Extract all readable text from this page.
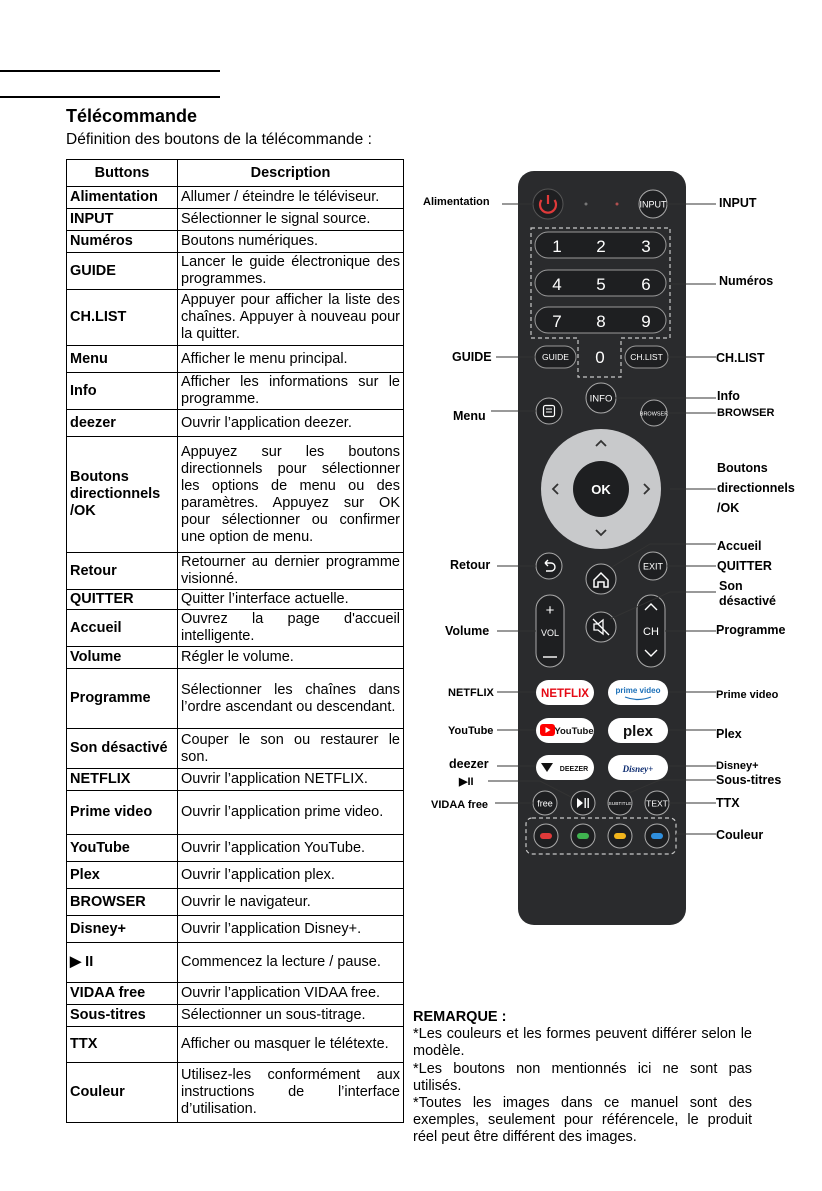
Télécommande
Définition des boutons de la télécommande :
Buttons	Description
Alimentation	Allumer / éteindre le téléviseur.
INPUT	Sélectionner le signal source.
Numéros	Boutons numériques.
GUIDE	Lancer le guide électronique des programmes.
CH.LIST	Appuyer pour afficher la liste des chaînes. Appuyer à nouveau pour la quitter.
Menu	Afficher le menu principal.
Info	Afficher les informations sur le programme.
deezer	Ouvrir l’application deezer.
Boutons directionnels /OK	Appuyez sur les boutons directionnels pour sélectionner les options de menu ou des paramètres. Appuyez sur OK pour sélectionner ou confirmer une option de menu.
Retour	Retourner au dernier programme visionné.
QUITTER	Quitter l’interface actuelle.
Accueil	Ouvrez la page d'accueil intelligente.
Volume	Régler le volume.
Programme	Sélectionner les chaînes dans l’ordre ascendant ou descendant.
Son désactivé	Couper le son ou restaurer le son.
NETFLIX	Ouvrir l’application NETFLIX.
Prime video	Ouvrir l’application prime video.
YouTube	Ouvrir l’application YouTube.
Plex	Ouvrir l’application plex.
BROWSER	Ouvrir le navigateur.
Disney+	Ouvrir l’application Disney+.
▶ II	Commencez la lecture / pause.
VIDAA free	Ouvrir l’application VIDAA free.
Sous-titres	Sélectionner un sous-titrage.
TTX	Afficher ou masquer le télétexte.
Couleur	Utilisez-les conformément aux instructions de l’interface d’utilisation.
INPUT
1 2 3
4 5 6
7 8 9
0
GUIDE	CH.LIST
INFO
BROWSER
OK
EXIT
+
VOL	CH
NETFLIX	prime video
YouTube plex
DEEZER	Disney+
free	SUBTITLE TEXT
Alimentation
GUIDE
Menu
Retour
Volume
NETFLIX
YouTube
deezer
▶II
VIDAA free
INPUT
Numéros
CH.LIST
Info
BROWSER
Boutons
directionnels
/OK
Accueil
QUITTER
Son
désactivé
Programme
Prime video
Plex
Disney+
Sous-titres
TTX
Couleur

REMARQUE :

*Les couleurs et les formes peuvent différer selon le modèle.

*Les boutons non mentionnés ici ne sont pas utilisés.

*Toutes les images dans ce manuel sont des exemples, seulement pour référencele, le produit réel peut être différent des images.
